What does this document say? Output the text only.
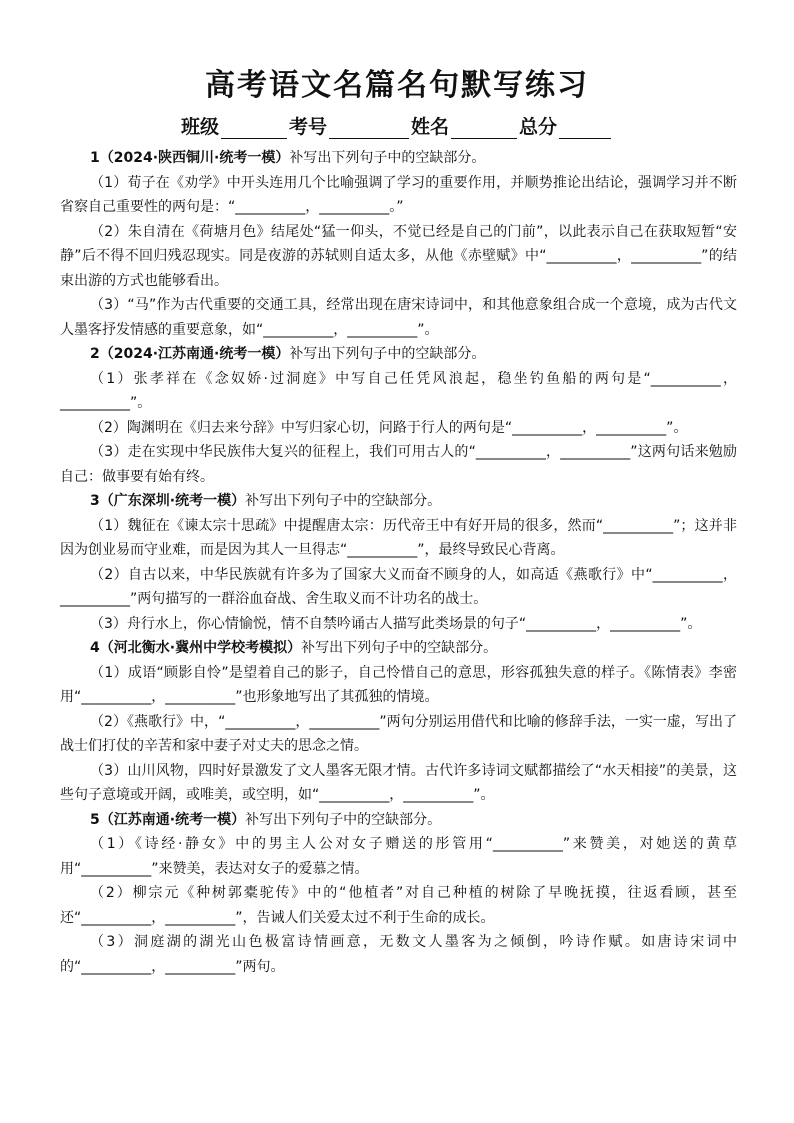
高考语文名篇名句默写练习
班级	考号	姓名	总分

1（2024·陕西铜川·统考一模）补写出下列句子中的空缺部分。

（1）荀子在《劝学》中开头连用几个比喻强调了学习的重要作用，并顺势推论出结论，强调学习并不断省察自己重要性的两句是：“__________，__________。”

（2）朱自清在《荷塘月色》结尾处“猛一仰头，不觉已经是自己的门前”，以此表示自己在获取短暂“安静”后不得不回归残忍现实。同是夜游的苏轼则自适太多，从他《赤壁赋》中“__________，__________”的结束出游的方式也能够看出。

（3）“马”作为古代重要的交通工具，经常出现在唐宋诗词中，和其他意象组合成一个意境，成为古代文人墨客抒发情感的重要意象，如“__________，__________”。

2（2024·江苏南通·统考一模）补写出下列句子中的空缺部分。

（1）张孝祥在《念奴娇·过洞庭》中写自己任凭风浪起，稳坐钓鱼船的两句是“__________，__________”。

（2）陶渊明在《归去来兮辞》中写归家心切，问路于行人的两句是“__________，__________”。

（3）走在实现中华民族伟大复兴的征程上，我们可用古人的“__________，__________”这两句话来勉励自己：做事要有始有终。

3（广东深圳·统考一模）补写出下列句子中的空缺部分。

（1）魏征在《谏太宗十思疏》中提醒唐太宗：历代帝王中有好开局的很多，然而“__________”；这并非因为创业易而守业难，而是因为其人一旦得志“__________”，最终导致民心背离。

（2）自古以来，中华民族就有许多为了国家大义而奋不顾身的人，如高适《燕歌行》中“__________，__________”两句描写的一群浴血奋战、舍生取义而不计功名的战士。

（3）舟行水上，你心情愉悦，情不自禁吟诵古人描写此类场景的句子“__________，__________”。

4（河北衡水·冀州中学校考模拟）补写出下列句子中的空缺部分。

（1）成语“顾影自怜”是望着自己的影子，自己怜惜自己的意思，形容孤独失意的样子。《陈情表》李密用“__________，__________”也形象地写出了其孤独的情境。

（2）《燕歌行》中，“__________，__________”两句分别运用借代和比喻的修辞手法，一实一虚，写出了战士们打仗的辛苦和家中妻子对丈夫的思念之情。

（3）山川风物，四时好景激发了文人墨客无限才情。古代许多诗词文赋都描绘了“水天相接”的美景，这些句子意境或开阔，或唯美，或空明，如“__________，__________”。

5（江苏南通·统考一模）补写出下列句子中的空缺部分。

（1）《诗经·静女》中的男主人公对女子赠送的彤管用“__________”来赞美，对她送的黄草用“__________”来赞美，表达对女子的爱慕之情。

（2）柳宗元《种树郭橐驼传》中的“他植者”对自己种植的树除了早晚抚摸，往返看顾，甚至还“__________，__________”，告诫人们关爱太过不利于生命的成长。

（3）洞庭湖的湖光山色极富诗情画意，无数文人墨客为之倾倒，吟诗作赋。如唐诗宋词中的“__________，__________”两句。
